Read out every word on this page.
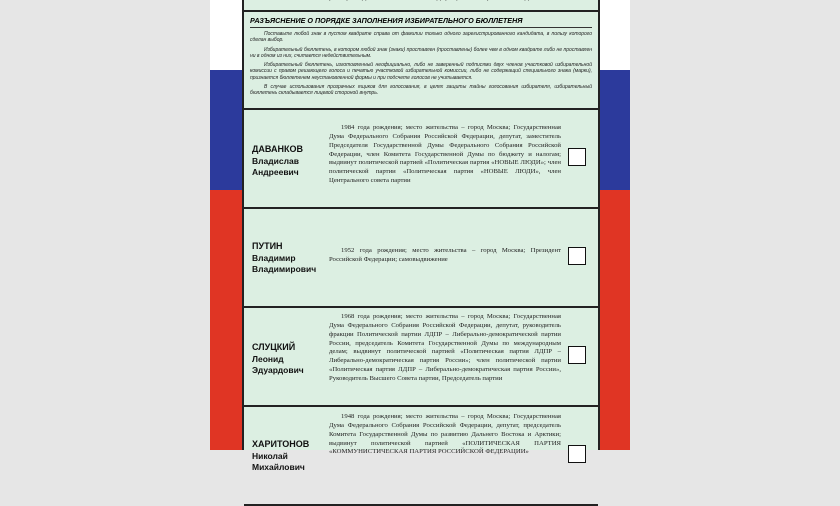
РАЗЪЯСНЕНИЕ О ПОРЯДКЕ ЗАПОЛНЕНИЯ ИЗБИРАТЕЛЬНОГО БЮЛЛЕТЕНЯ

Поставьте любой знак в пустом квадрате справа от фамилии только одного зарегистрированного кандидата, в пользу которого сделан выбор.

Избирательный бюллетень, в котором любой знак (знаки) проставлен (проставлены) более чем в одном квадрате либо не проставлен ни в одном из них, считается недействительным.

Избирательный бюллетень, изготовленный неофициально, либо не заверенный подписями двух членов участковой избирательной комиссии с правом решающего голоса и печатью участковой избирательной комиссии, либо не содержащий специального знака (марки), признается бюллетенем неустановленной формы и при подсчете голосов не учитывается.

В случае использования прозрачных ящиков для голосования, в целях защиты тайны голосования избирателя, избирательный бюллетень складывается лицевой стороной внутрь.

ДАВАНКОВ
Владислав
Андреевич
1984 года рождения; место жительства – город Москва; Государственная Дума Федерального Собрания Российской Федерации, депутат, заместитель Председателя Государственной Думы Федерального Собрания Российской Федерации, член Комитета Государственной Думы по бюджету и налогам; выдвинут политической партией «Политическая партия «НОВЫЕ ЛЮДИ»; член политической партии «Политическая партия «НОВЫЕ ЛЮДИ», член Центрального совета партии
ПУТИН
Владимир
Владимирович
1952 года рождения; место жительства – город Москва; Президент Российской Федерации; самовыдвижение
СЛУЦКИЙ
Леонид
Эдуардович
1968 года рождения; место жительства – город Москва; Государственная Дума Федерального Собрания Российской Федерации, депутат, руководитель фракции Политической партии ЛДПР – Либерально-демократической партии России, председатель Комитета Государственной Думы по международным делам; выдвинут политической партией «Политическая партия ЛДПР – Либерально-демократическая партия России»; член политической партии «Политическая партия ЛДПР – Либерально-демократическая партия России», Руководитель Высшего Совета партии, Председатель партии
ХАРИТОНОВ
Николай
Михайлович
1948 года рождения; место жительства – город Москва; Государственная Дума Федерального Собрания Российской Федерации, депутат, председатель Комитета Государственной Думы по развитию Дальнего Востока и Арктики; выдвинут политической партией «ПОЛИТИЧЕСКАЯ ПАРТИЯ «КОММУНИСТИЧЕСКАЯ ПАРТИЯ РОССИЙСКОЙ ФЕДЕРАЦИИ»
